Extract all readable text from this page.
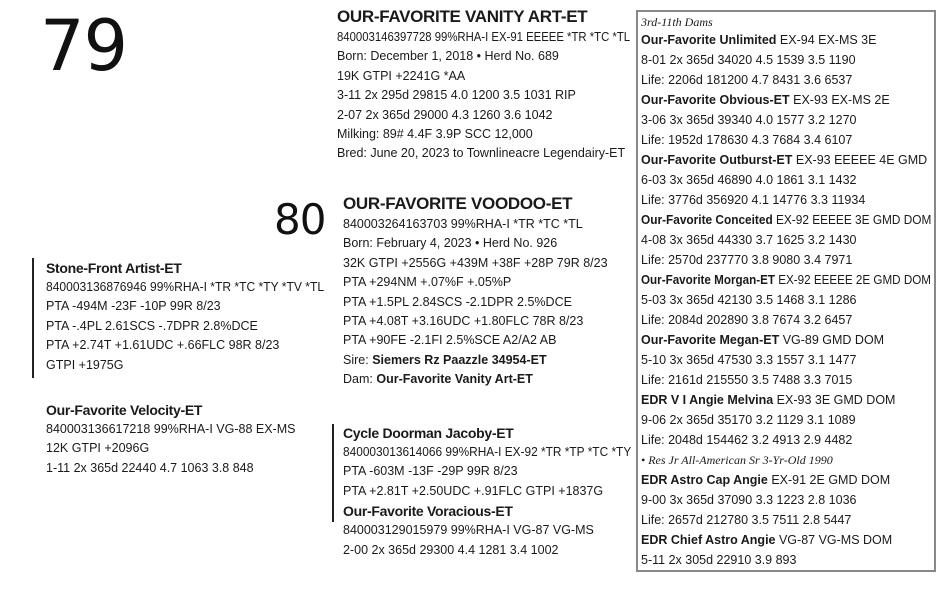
79
80
OUR-FAVORITE VANITY ART-ET
840003146397728 99%RHA-I EX-91 EEEEE *TR *TC *TL
Born: December 1, 2018 • Herd No. 689
19K GTPI +2241G *AA
3-11 2x 295d 29815 4.0 1200 3.5 1031 RIP
2-07 2x 365d 29000 4.3 1260 3.6 1042
Milking: 89# 4.4F 3.9P SCC 12,000
Bred: June 20, 2023 to Townlineacre Legendairy-ET
OUR-FAVORITE VOODOO-ET
840003264163703 99%RHA-I *TR *TC *TL
Born: February 4, 2023 • Herd No. 926
32K GTPI +2556G +439M +38F +28P 79R 8/23
PTA +294NM +.07%F +.05%P
PTA +1.5PL 2.84SCS -2.1DPR 2.5%DCE
PTA +4.08T +3.16UDC +1.80FLC 78R 8/23
PTA +90FE -2.1FI 2.5%SCE A2/A2 AB
Sire: Siemers Rz Paazzle 34954-ET
Dam: Our-Favorite Vanity Art-ET
Stone-Front Artist-ET
840003136876946 99%RHA-I *TR *TC *TY *TV *TL
PTA -494M -23F -10P 99R 8/23
PTA -.4PL 2.61SCS -.7DPR 2.8%DCE
PTA +2.74T +1.61UDC +.66FLC 98R 8/23
GTPI +1975G
Our-Favorite Velocity-ET
840003136617218 99%RHA-I VG-88 EX-MS
12K GTPI +2096G
1-11 2x 365d 22440 4.7 1063 3.8 848
Cycle Doorman Jacoby-ET
840003013614066 99%RHA-I EX-92 *TR *TP *TC *TY
PTA -603M -13F -29P 99R 8/23
PTA +2.81T +2.50UDC +.91FLC GTPI +1837G
Our-Favorite Voracious-ET
840003129015979 99%RHA-I VG-87 VG-MS
2-00 2x 365d 29300 4.4 1281 3.4 1002
3rd-11th Dams
Our-Favorite Unlimited EX-94 EX-MS 3E
8-01 2x 365d 34020 4.5 1539 3.5 1190
Life: 2206d 181200 4.7 8431 3.6 6537
Our-Favorite Obvious-ET EX-93 EX-MS 2E
3-06 3x 365d 39340 4.0 1577 3.2 1270
Life: 1952d 178630 4.3 7684 3.4 6107
Our-Favorite Outburst-ET EX-93 EEEEE 4E GMD
6-03 3x 365d 46890 4.0 1861 3.1 1432
Life: 3776d 356920 4.1 14776 3.3 11934
Our-Favorite Conceited EX-92 EEEEE 3E GMD DOM
4-08 3x 365d 44330 3.7 1625 3.2 1430
Life: 2570d 237770 3.8 9080 3.4 7971
Our-Favorite Morgan-ET EX-92 EEEEE 2E GMD DOM
5-03 3x 365d 42130 3.5 1468 3.1 1286
Life: 2084d 202890 3.8 7674 3.2 6457
Our-Favorite Megan-ET VG-89 GMD DOM
5-10 3x 365d 47530 3.3 1557 3.1 1477
Life: 2161d 215550 3.5 7488 3.3 7015
EDR V I Angie Melvina EX-93 3E GMD DOM
9-06 2x 365d 35170 3.2 1129 3.1 1089
Life: 2048d 154462 3.2 4913 2.9 4482
• Res Jr All-American Sr 3-Yr-Old 1990
EDR Astro Cap Angie EX-91 2E GMD DOM
9-00 3x 365d 37090 3.3 1223 2.8 1036
Life: 2657d 212780 3.5 7511 2.8 5447
EDR Chief Astro Angie VG-87 VG-MS DOM
5-11 2x 305d 22910 3.9 893
